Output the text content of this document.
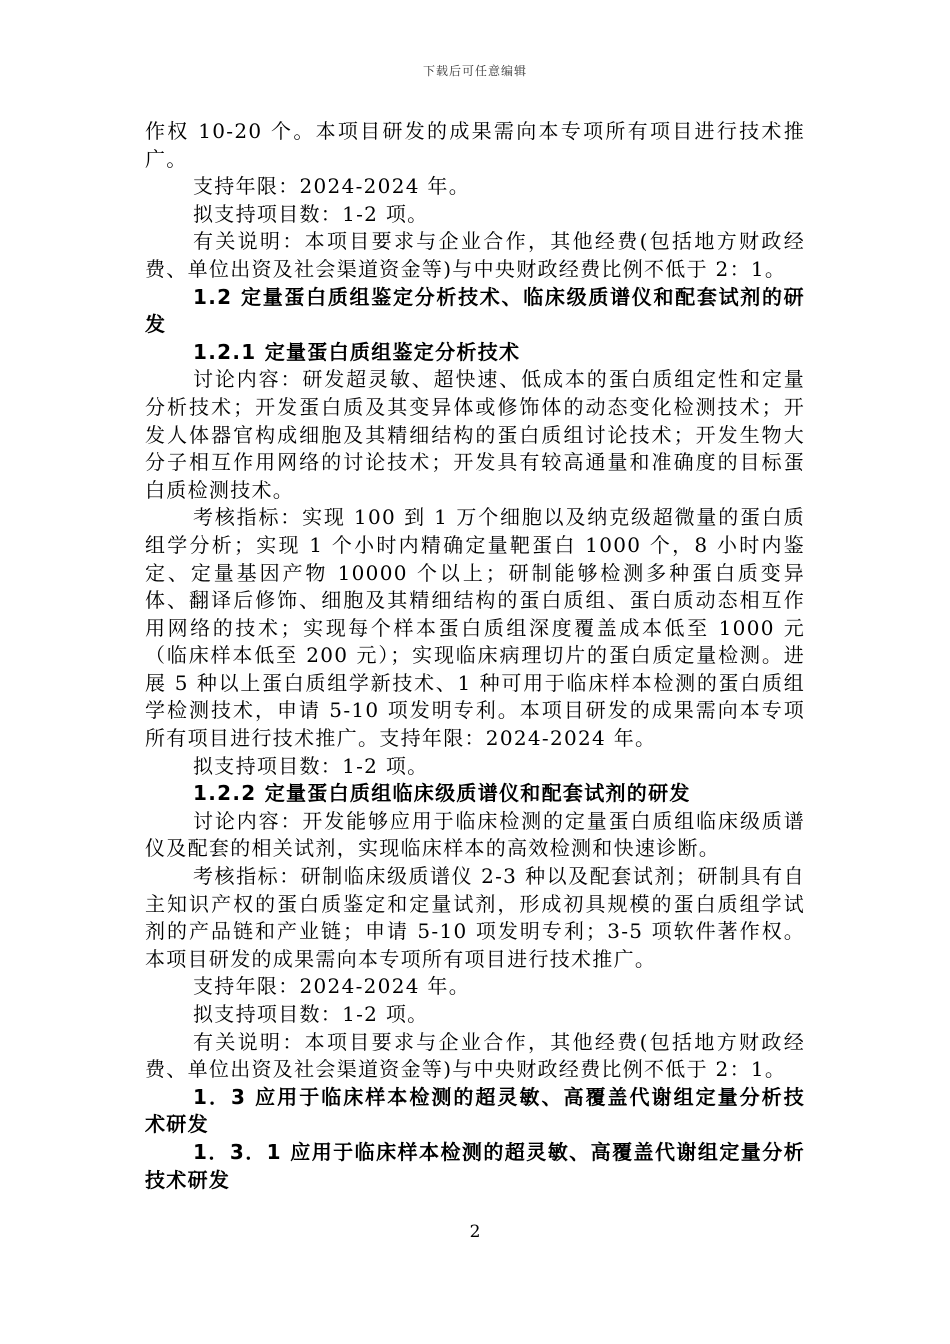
下载后可任意编辑

作权 10-20 个。本项目研发的成果需向本专项所有项目进行技术推广。

支持年限：2024-2024 年。

拟支持项目数：1-2 项。

有关说明：本项目要求与企业合作，其他经费(包括地方财政经费、单位出资及社会渠道资金等)与中央财政经费比例不低于 2：1。

1.2 定量蛋白质组鉴定分析技术、临床级质谱仪和配套试剂的研发

1.2.1 定量蛋白质组鉴定分析技术

讨论内容：研发超灵敏、超快速、低成本的蛋白质组定性和定量分析技术；开发蛋白质及其变异体或修饰体的动态变化检测技术；开发人体器官构成细胞及其精细结构的蛋白质组讨论技术；开发生物大分子相互作用网络的讨论技术；开发具有较高通量和准确度的目标蛋白质检测技术。

考核指标：实现 100 到 1 万个细胞以及纳克级超微量的蛋白质组学分析；实现 1 个小时内精确定量靶蛋白 1000 个，8 小时内鉴定、定量基因产物 10000 个以上；研制能够检测多种蛋白质变异体、翻译后修饰、细胞及其精细结构的蛋白质组、蛋白质动态相互作用网络的技术；实现每个样本蛋白质组深度覆盖成本低至 1000 元（临床样本低至 200 元）；实现临床病理切片的蛋白质定量检测。进展 5 种以上蛋白质组学新技术、1 种可用于临床样本检测的蛋白质组学检测技术，申请 5-10 项发明专利。本项目研发的成果需向本专项所有项目进行技术推广。支持年限：2024-2024 年。

拟支持项目数：1-2 项。

1.2.2 定量蛋白质组临床级质谱仪和配套试剂的研发

讨论内容：开发能够应用于临床检测的定量蛋白质组临床级质谱仪及配套的相关试剂，实现临床样本的高效检测和快速诊断。

考核指标：研制临床级质谱仪 2-3 种以及配套试剂；研制具有自主知识产权的蛋白质鉴定和定量试剂，形成初具规模的蛋白质组学试剂的产品链和产业链；申请 5-10 项发明专利；3-5 项软件著作权。本项目研发的成果需向本专项所有项目进行技术推广。

支持年限：2024-2024 年。

拟支持项目数：1-2 项。

有关说明：本项目要求与企业合作，其他经费(包括地方财政经费、单位出资及社会渠道资金等)与中央财政经费比例不低于 2：1。

1．3 应用于临床样本检测的超灵敏、高覆盖代谢组定量分析技术研发

1．3．1 应用于临床样本检测的超灵敏、高覆盖代谢组定量分析技术研发

2
